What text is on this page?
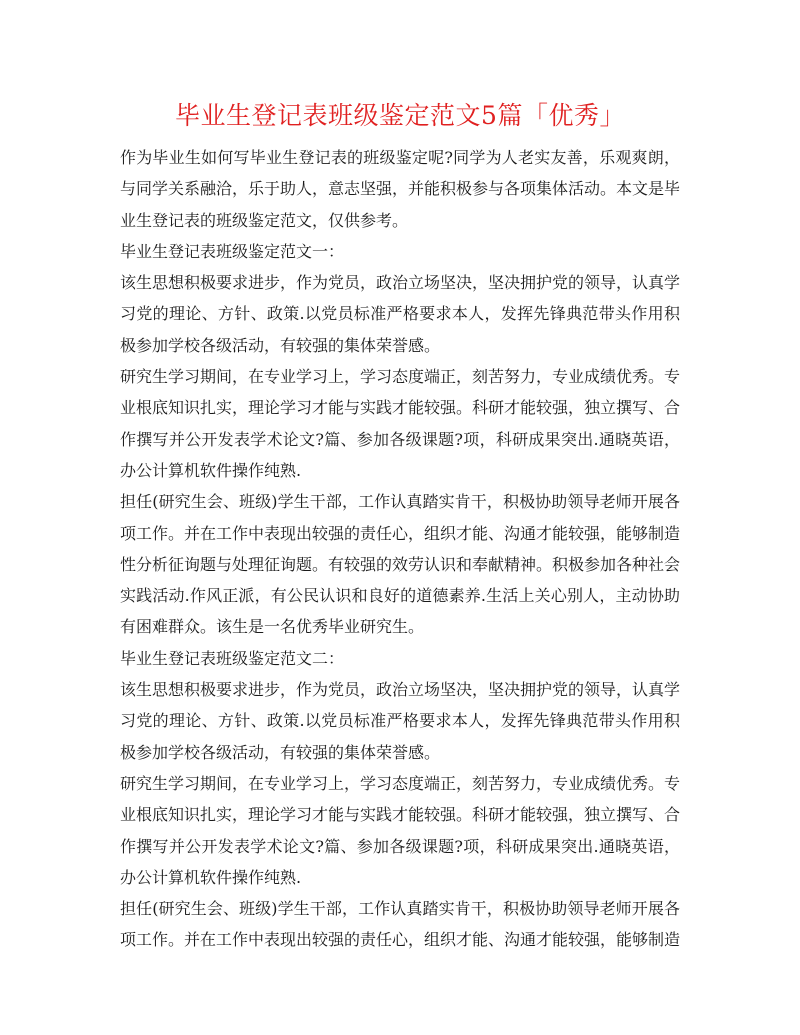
毕业生登记表班级鉴定范文5篇「优秀」

作为毕业生如何写毕业生登记表的班级鉴定呢?同学为人老实友善，乐观爽朗，与同学关系融洽，乐于助人，意志坚强，并能积极参与各项集体活动。本文是毕业生登记表的班级鉴定范文，仅供参考。

毕业生登记表班级鉴定范文一：

该生思想积极要求进步，作为党员，政治立场坚决，坚决拥护党的领导，认真学习党的理论、方针、政策.以党员标准严格要求本人，发挥先锋典范带头作用积极参加学校各级活动，有较强的集体荣誉感。

研究生学习期间，在专业学习上，学习态度端正，刻苦努力，专业成绩优秀。专业根底知识扎实，理论学习才能与实践才能较强。科研才能较强，独立撰写、合作撰写并公开发表学术论文?篇、参加各级课题?项，科研成果突出.通晓英语，办公计算机软件操作纯熟.

担任(研究生会、班级)学生干部，工作认真踏实肯干，积极协助领导老师开展各项工作。并在工作中表现出较强的责任心，组织才能、沟通才能较强，能够制造性分析征询题与处理征询题。有较强的效劳认识和奉献精神。积极参加各种社会实践活动.作风正派，有公民认识和良好的道德素养.生活上关心别人，主动协助有困难群众。该生是一名优秀毕业研究生。

毕业生登记表班级鉴定范文二：

该生思想积极要求进步，作为党员，政治立场坚决，坚决拥护党的领导，认真学习党的理论、方针、政策.以党员标准严格要求本人，发挥先锋典范带头作用积极参加学校各级活动，有较强的集体荣誉感。

研究生学习期间，在专业学习上，学习态度端正，刻苦努力，专业成绩优秀。专业根底知识扎实，理论学习才能与实践才能较强。科研才能较强，独立撰写、合作撰写并公开发表学术论文?篇、参加各级课题?项，科研成果突出.通晓英语，办公计算机软件操作纯熟.

担任(研究生会、班级)学生干部，工作认真踏实肯干，积极协助领导老师开展各项工作。并在工作中表现出较强的责任心，组织才能、沟通才能较强，能够制造
